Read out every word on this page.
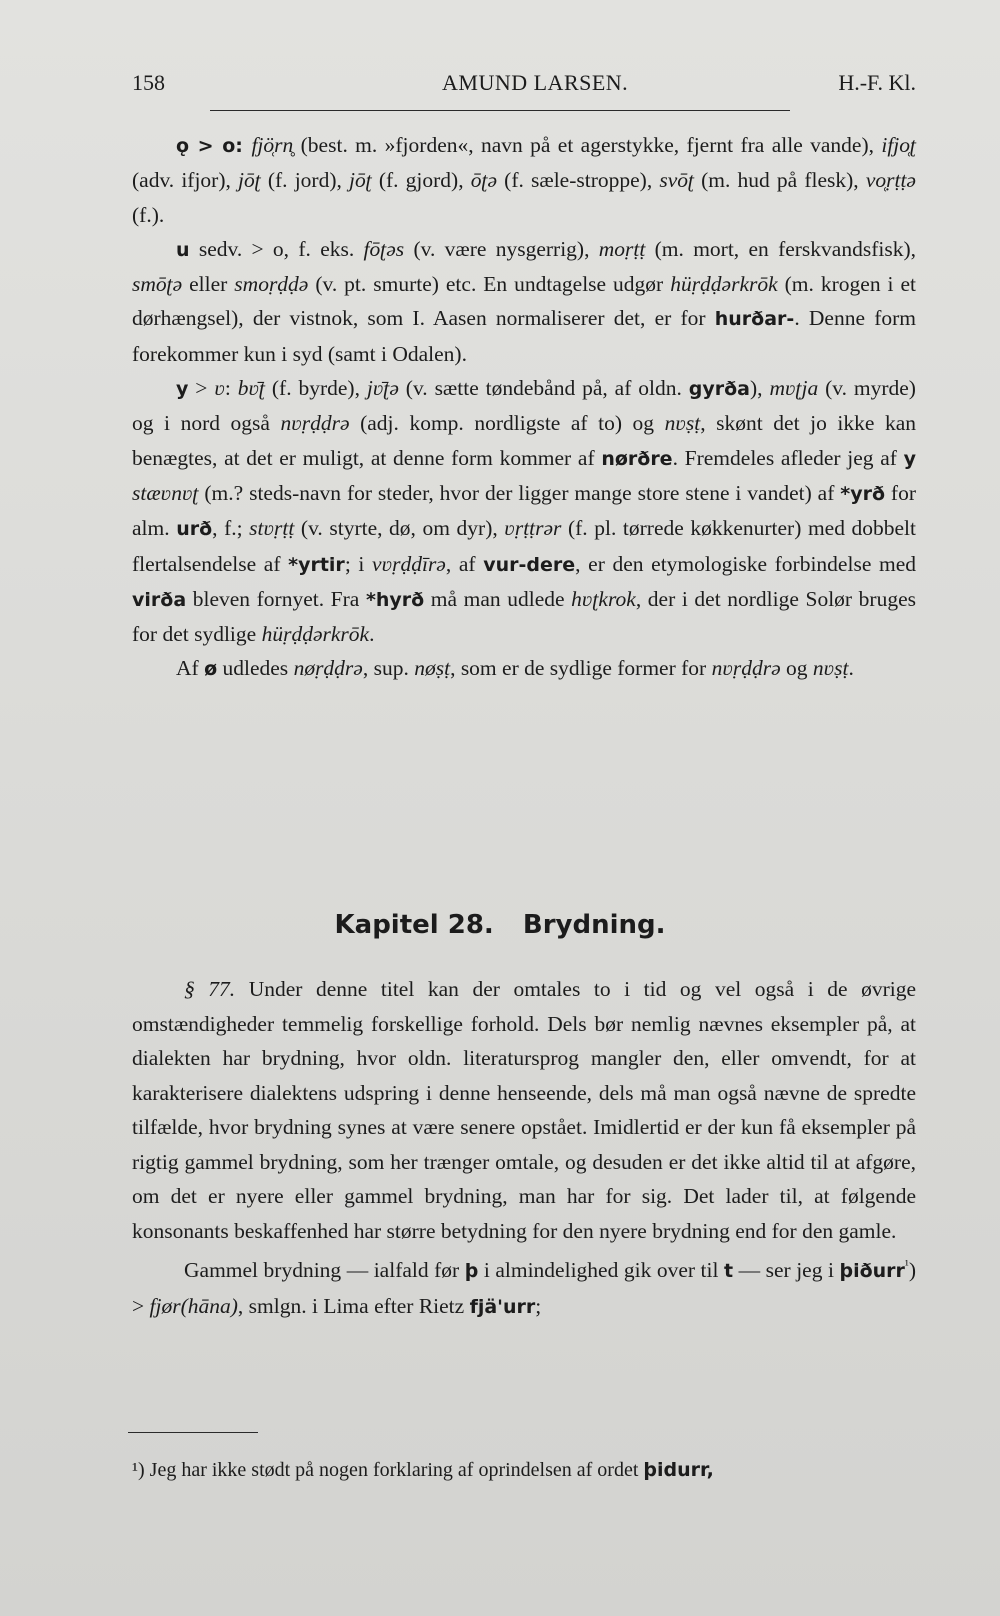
158	AMUND LARSEN.	H.-F. Kl.

ǫ > o: fjö̜rn̥ (best. m. »fjorden«, navn på et agerstykke, fjernt fra alle vande), ifjo̜ʈ (adv. ifjor), jōʈ (f. jord), jōʈ (f. gjord), ōʈə (f. sæle-stroppe), svōʈ (m. hud på flesk), vo̜ṛṭṭə (f.).

u sedv. > o, f. eks. fōʈəs (v. være nysgerrig), moṛṭṭ (m. mort, en ferskvandsfisk), smōʈə eller smoṛḍḍə (v. pt. smurte) etc. En undtagelse udgør hüṛḍḍərkrōk (m. krogen i et dørhængsel), der vistnok, som I. Aasen normaliserer det, er for hurðar-. Denne form forekommer kun i syd (samt i Odalen).

y > ʋ: bʋ̄ʈ (f. byrde), jʋ̄ʈə (v. sætte tøndebånd på, af oldn. gyrða), mʋʈja (v. myrde) og i nord også nʋṛḍḍrə (adj. komp. nordligste af to) og nʋṣṭ, skønt det jo ikke kan benægtes, at det er muligt, at denne form kommer af nørðre. Fremdeles afleder jeg af y stæʋnʋʈ (m.? steds-navn for steder, hvor der ligger mange store stene i vandet) af *yrð for alm. urð, f.; stʋṛṭṭ (v. styrte, dø, om dyr), ʋṛṭṭrər (f. pl. tørrede køkkenurter) med dobbelt flertalsendelse af *yrtir; i vʋṛḍḍīrə, af vur-dere, er den etymologiske forbindelse med virða bleven fornyet. Fra *hyrð må man udlede hʋʈkrok, der i det nordlige Solør bruges for det sydlige hüṛḍḍərkrōk.

Af ø udledes nøṛḍḍrə, sup. nøṣṭ, som er de sydlige former for nʋṛḍḍrə og nʋṣṭ.

Kapitel 28. Brydning.

§ 77. Under denne titel kan der omtales to i tid og vel også i de øvrige omstændigheder temmelig forskellige forhold. Dels bør nemlig nævnes eksempler på, at dialekten har brydning, hvor oldn. literatursprog mangler den, eller omvendt, for at karakterisere dialektens udspring i denne henseende, dels må man også nævne de spredte tilfælde, hvor brydning synes at være senere opstået. Imidlertid er der kun få eksempler på rigtig gammel brydning, som her trænger omtale, og desuden er det ikke altid til at afgøre, om det er nyere eller gammel brydning, man har for sig. Det lader til, at følgende konsonants beskaffenhed har større betydning for den nyere brydning end for den gamle.

Gammel brydning — ialfald før þ i almindelighed gik over til t — ser jeg i þiðurr$^{^1}$) > fjør(hāna), smlgn. i Lima efter Rietz fjä'urr;

¹) Jeg har ikke stødt på nogen forklaring af oprindelsen af ordet þidurr,
